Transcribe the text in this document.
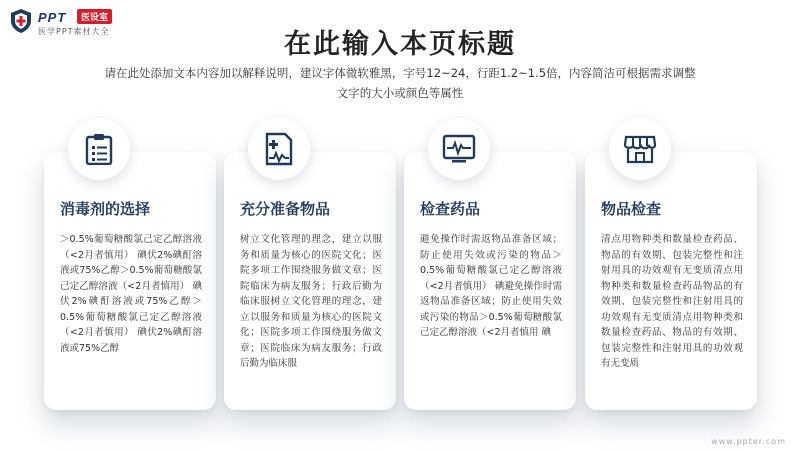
PPT	医设室
医学PPT素材大全	在此输入本页标题
请在此处添加文本内容加以解释说明，建议字体微软雅黑，字号12~24，行距1.2~1.5倍，内容简洁可根据需求调整文字的大小或颜色等属性
消毒剂的选择
＞0.5%葡萄糖酸氯己定乙醇溶液（<2月者慎用） 碘伏2%碘酊溶液或75%乙醇＞0.5%葡萄糖酸氯己定乙醇溶液（<2月者慎用） 碘伏2%碘酊溶液或75%乙醇＞0.5%葡萄糖酸氯己定乙醇溶液（<2月者慎用） 碘伏2%碘酊溶液或75%乙醇
充分准备物品
树立文化管理的理念，建立以服务和质量为核心的医院文化；医院多项工作围绕服务做文章；医院临床为病友服务；行政后勤为临床服树立文化管理的理念，建立以服务和质量为核心的医院文化；医院多项工作围绕服务做文章；医院临床为病友服务；行政后勤为临床服
检查药品
避免操作时需返物品准备区域；防止使用失效或污染的物品＞0.5%葡萄糖酸氯己定乙醇溶液（<2月者慎用） 碘避免操作时需返物品准备区域；防止使用失效或污染的物品＞0.5%葡萄糖酸氯己定乙醇溶液（<2月者慎用 碘
物品检查
清点用物种类和数量检查药品、物品的有效期、包装完整性和注射用具的功效观有无变质清点用物种类和数量检查药品物品的有效期、包装完整性和注射用具的功效观有无变质清点用物种类和数量检查药品、物品的有效期、包装完整性和注射用具的功效观有无变质
www.ppter.com
